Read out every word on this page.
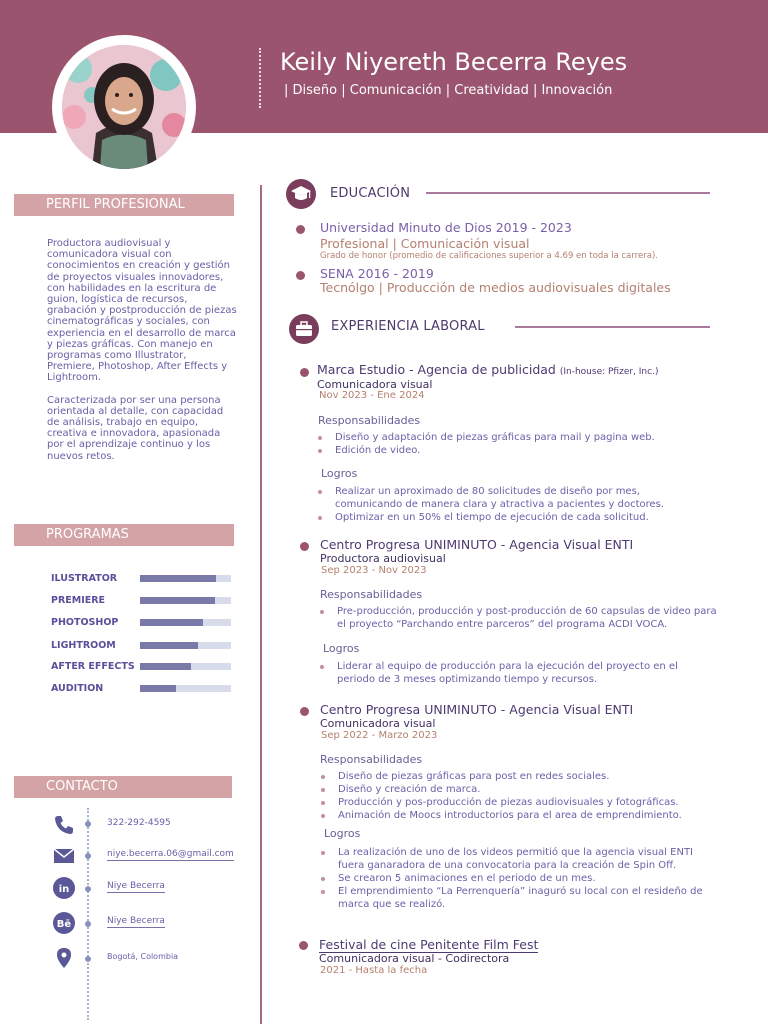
Keily Niyereth Becerra Reyes
| Diseño | Comunicación | Creatividad | Innovación
PERFIL PROFESIONAL

Productora audiovisual y comunicadora visual con conocimientos en creación y gestión de proyectos visuales innovadores, con habilidades en la escritura de guion, logística de recursos, grabación y postproducción de piezas cinematográficas y sociales, con experiencia en el desarrollo de marca y piezas gráficas. Con manejo en programas como Illustrator, Premiere, Photoshop, After Effects y Lightroom.

Caracterizada por ser una persona orientada al detalle, con capacidad de análisis, trabajo en equipo, creativa e innovadora, apasionada por el aprendizaje continuo y los nuevos retos.

PROGRAMAS
ILUSTRATOR
PREMIERE
PHOTOSHOP
LIGHTROOM
AFTER EFFECTS
AUDITION
CONTACTO
322-292-4595
niye.becerra.06@gmail.com
in	Niye Becerra
Bē	Niye Becerra
Bogotá, Colombia
EDUCACIÓN
Universidad Minuto de Dios 2019 - 2023
Profesional | Comunicación visual
Grado de honor (promedio de calificaciones superior a 4.69 en toda la carrera).
SENA 2016 - 2019
Tecnólgo | Producción de medios audiovisuales digitales
EXPERIENCIA LABORAL
Marca Estudio - Agencia de publicidad (In-house: Pfizer, Inc.)
Comunicadora visual
Nov 2023 - Ene 2024
Responsabilidades
Diseño y adaptación de piezas gráficas para mail y pagina web.
Edición de video.
Logros
Realizar un aproximado de 80 solicitudes de diseño por mes, comunicando de manera clara y atractiva a pacientes y doctores.
Optimizar en un 50% el tiempo de ejecución de cada solicitud.
Centro Progresa UNIMINUTO - Agencia Visual ENTI
Productora audiovisual
Sep 2023 - Nov 2023
Responsabilidades
Pre-producción, producción y post-producción de 60 capsulas de video para el proyecto “Parchando entre parceros” del programa ACDI VOCA.
Logros
Liderar al equipo de producción para la ejecución del proyecto en el periodo de 3 meses optimizando tiempo y recursos.
Centro Progresa UNIMINUTO - Agencia Visual ENTI
Comunicadora visual
Sep 2022 - Marzo 2023
Responsabilidades
Diseño de piezas gráficas para post en redes sociales.
Diseño y creación de marca.
Producción y pos-producción de piezas audiovisuales y fotográficas.
Animación de Moocs introductorios para el area de emprendimiento.
Logros
La realización de uno de los videos permitió que la agencia visual ENTI fuera ganaradora de una convocatoria para la creación de Spin Off.
Se crearon 5 animaciones en el periodo de un mes.
El emprendimiento “La Perrenquería” inaguró su local con el resideño de marca que se realizó.
Festival de cine Penitente Film Fest
Comunicadora visual - Codirectora
2021 - Hasta la fecha
